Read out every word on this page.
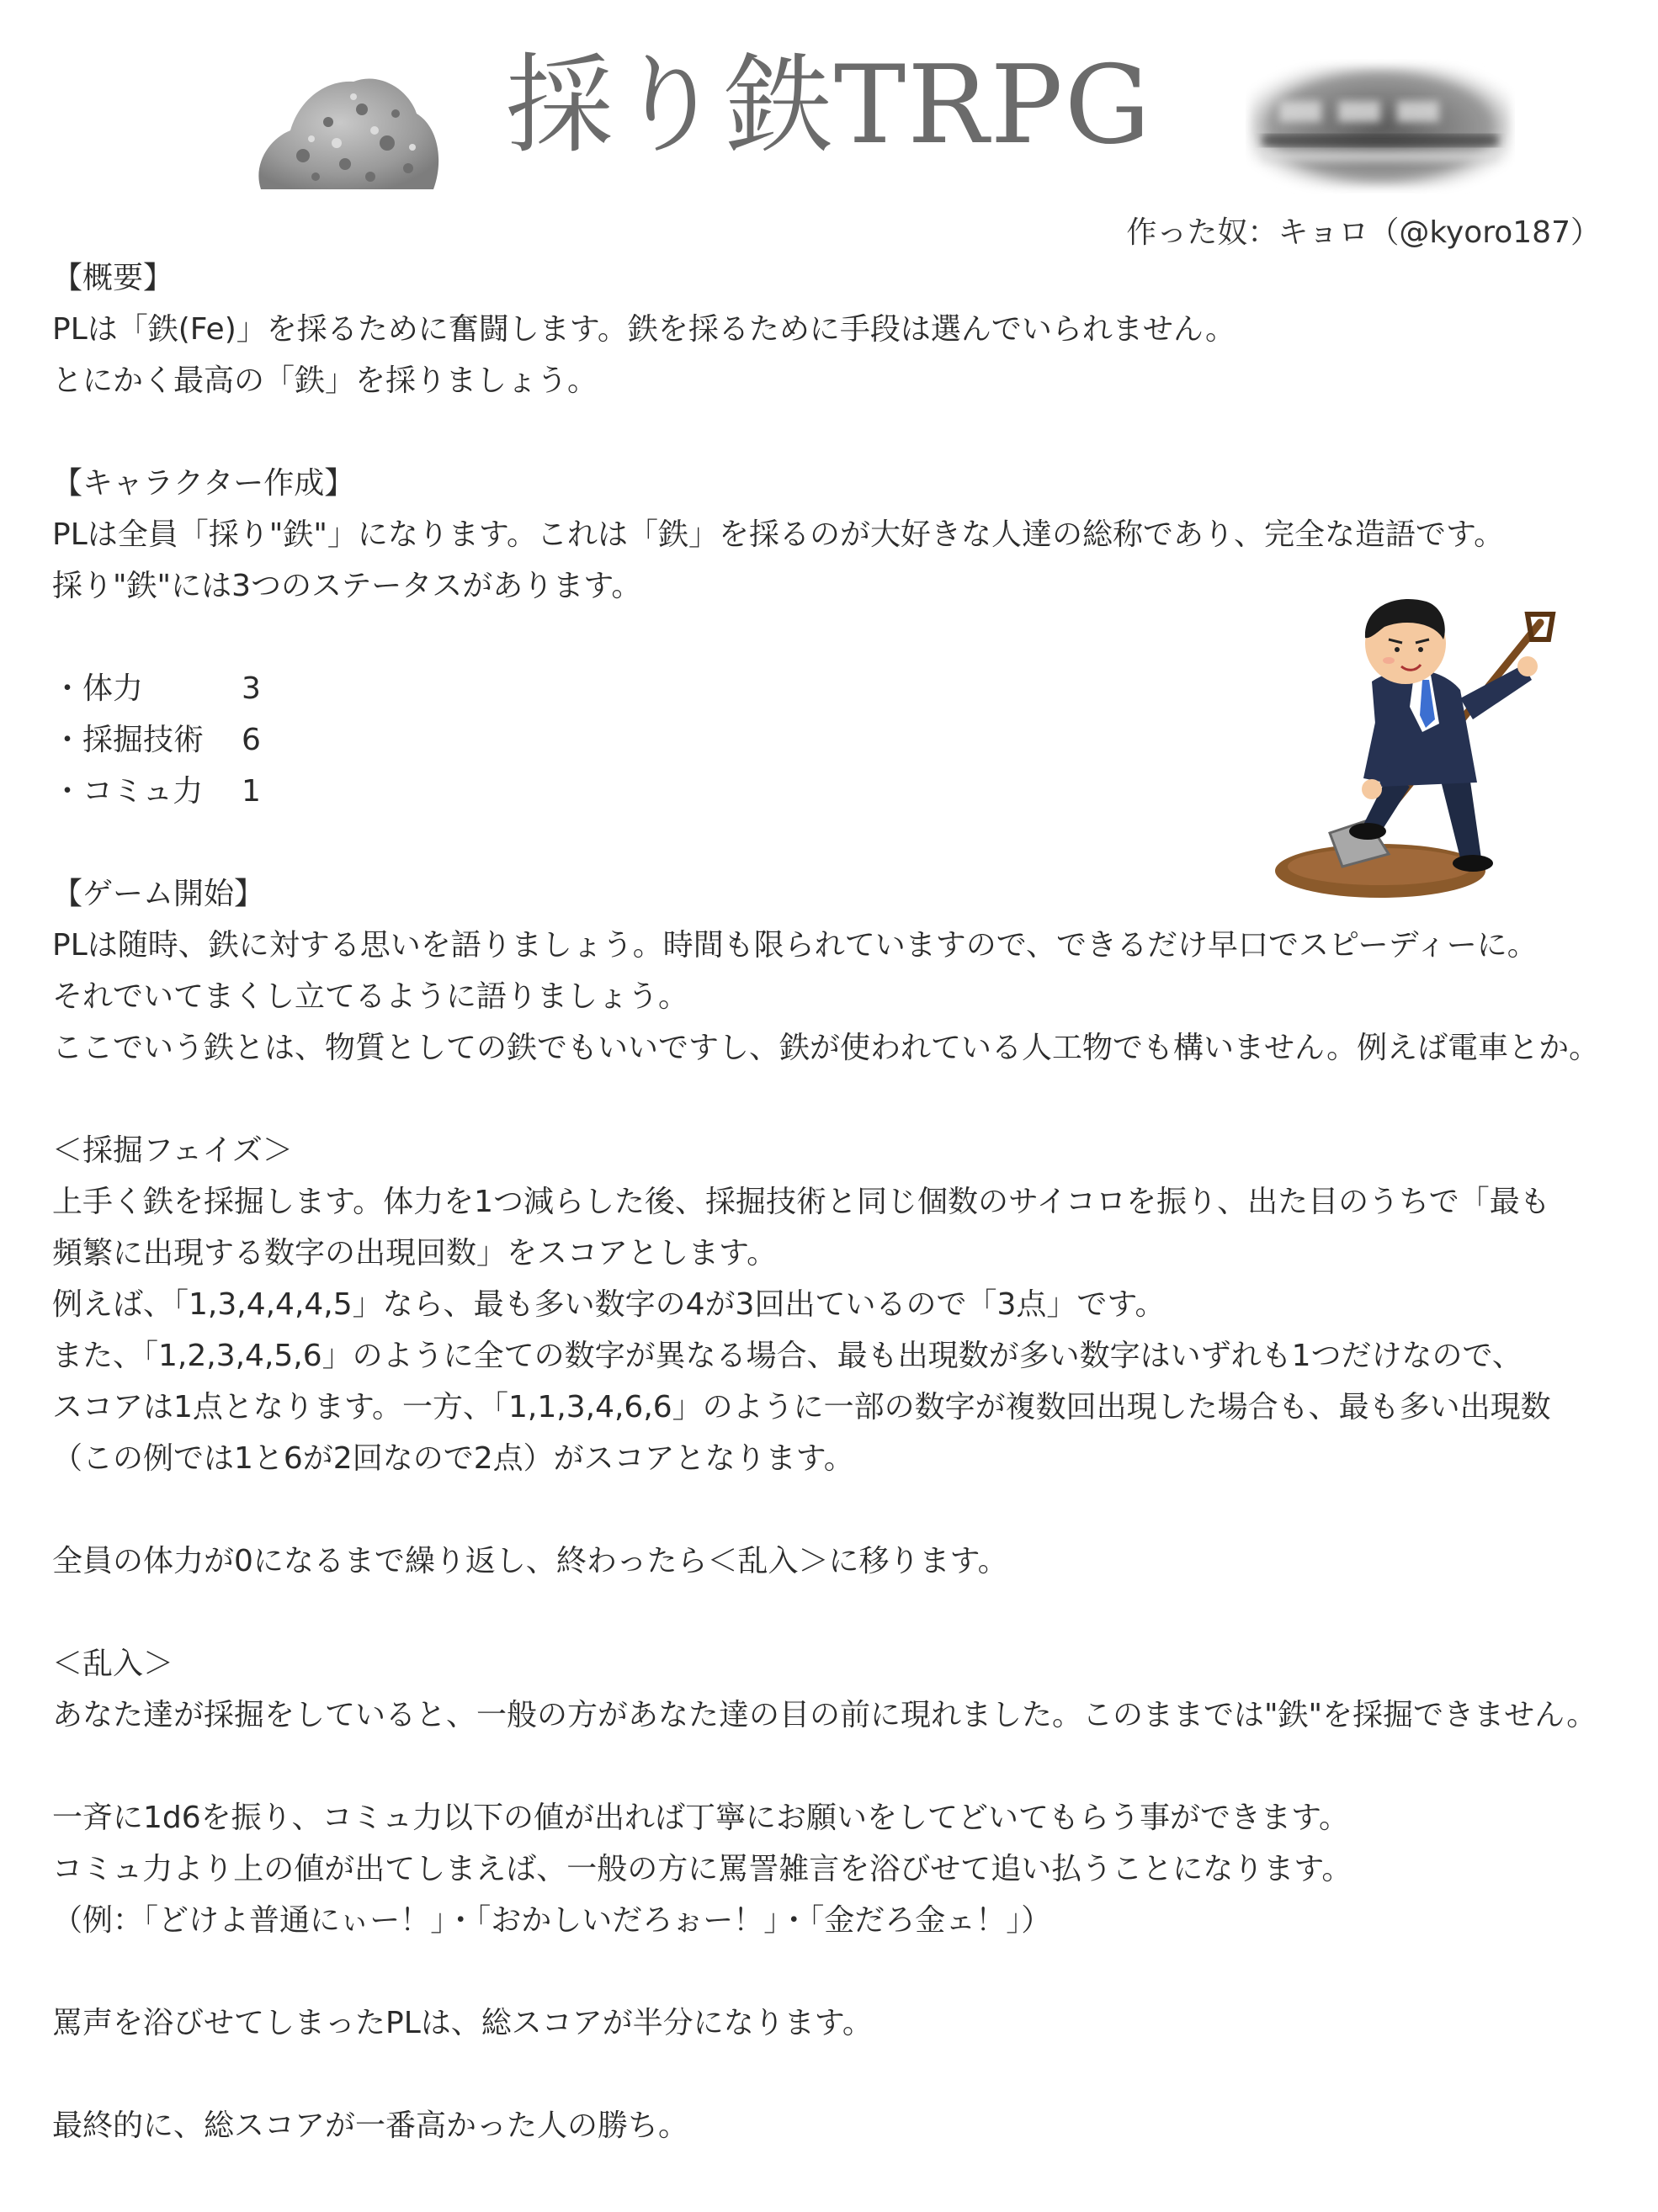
採り鉄TRPG
作った奴：キョロ（@kyoro187）
【概要】
PLは「鉄(Fe)」を採るために奮闘します。鉄を採るために手段は選んでいられません。
とにかく最高の「鉄」を採りましょう。
【キャラクター作成】
PLは全員「採り"鉄"」になります。これは「鉄」を採るのが大好きな人達の総称であり、完全な造語です。
採り"鉄"には3つのステータスがあります。
・体力	3
・採掘技術	6
・コミュ力	1
【ゲーム開始】
PLは随時、鉄に対する思いを語りましょう。時間も限られていますので、できるだけ早口でスピーディーに。
それでいてまくし立てるように語りましょう。
ここでいう鉄とは、物質としての鉄でもいいですし、鉄が使われている人工物でも構いません。例えば電車とか。
＜採掘フェイズ＞
上手く鉄を採掘します。体力を1つ減らした後、採掘技術と同じ個数のサイコロを振り、出た目のうちで「最も
頻繁に出現する数字の出現回数」をスコアとします。
例えば、「1,3,4,4,4,5」なら、最も多い数字の4が3回出ているので「3点」です。
また、「1,2,3,4,5,6」のように全ての数字が異なる場合、最も出現数が多い数字はいずれも1つだけなので、
スコアは1点となります。一方、「1,1,3,4,6,6」のように一部の数字が複数回出現した場合も、最も多い出現数
（この例では1と6が2回なので2点）がスコアとなります。
全員の体力が0になるまで繰り返し、終わったら＜乱入＞に移ります。
＜乱入＞
あなた達が採掘をしていると、一般の方があなた達の目の前に現れました。このままでは"鉄"を採掘できません。
一斉に1d6を振り、コミュ力以下の値が出れば丁寧にお願いをしてどいてもらう事ができます。
コミュ力より上の値が出てしまえば、一般の方に罵詈雑言を浴びせて追い払うことになります。
（例：「どけよ普通にぃー！」・「おかしいだろぉー！」・「金だろ金ェ！」）
罵声を浴びせてしまったPLは、総スコアが半分になります。
最終的に、総スコアが一番高かった人の勝ち。
